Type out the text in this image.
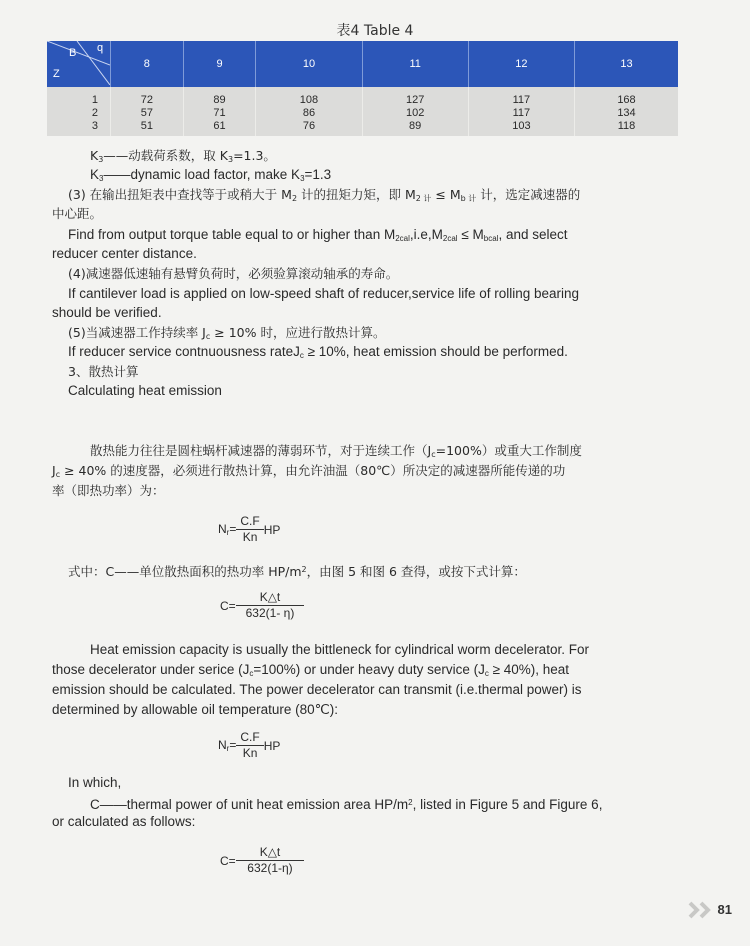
表4 Table 4
B q
Z	8	9	10	11	12	13
1	72	89	108	127	117	168
2	57	71	86	102	117	134
3	51	61	76	89	103	118
$K_3——$动载荷系数，取 $K_3=1.3$。
$K_3——dynamic$ load factor, make $K_3=1.3$
(3) 在输出扭矩表中查找等于或稍大于 $M_2$ 计的扭矩力矩，即 $M_{2 计} \le M_{b 计}$ 计，选定减速器的
中心距。
Find from output torque table equal to or higher than $M_{2cal},i.e,M_{2cal} \le M_{bcal}$, and select
reducer center distance.
(4)减速器低速轴有悬臂负荷时，必须验算滚动轴承的寿命。
If cantilever load is applied on low-speed shaft of reducer,service life of rolling bearing
should be verified.
(5)当减速器工作持续率 $J_c \ge 10\%$ 时，应进行散热计算。
If reducer service contnuousness rateJ$_c$ ≥ 10%, heat emission should be performed.
3、散热计算
Calculating heat emission
散热能力往往是圆柱蜗杆减速器的薄弱环节，对于连续工作$(J_c=100\%)$或重大工作制度
$J_c \ge 40\%$ 的速度器，必须进行散热计算，由允许油温（80℃）所决定的减速器所能传递的功
率（即热功率）为：
$N_r= \frac{C.F}{Kn}$ HP
式中：C——单位散热面积的热功率 $HP/m^2$，由图 5 和图 6 查得，或按下式计算：
$C= \frac{K\triangle t}{632(1- \eta)}$
Heat emission capacity is usually the bittleneck for cylindrical worm decelerator. For
those decelerator under serice $(J_c=100\%)$ or under heavy duty service $(J_c \ge 40\%)$, heat
emission should be calculated. The power decelerator can transmit (i.e.thermal power) is
determined by allowable oil temperature (80℃):
$N_r= \frac{C.F}{Kn}$ HP
In which,
C——thermal power of unit heat emission area $HP/m^2$, listed in Figure 5 and Figure 6,
or calculated as follows:
$C= \frac{K\triangle t}{632(1-\eta)}$
81
